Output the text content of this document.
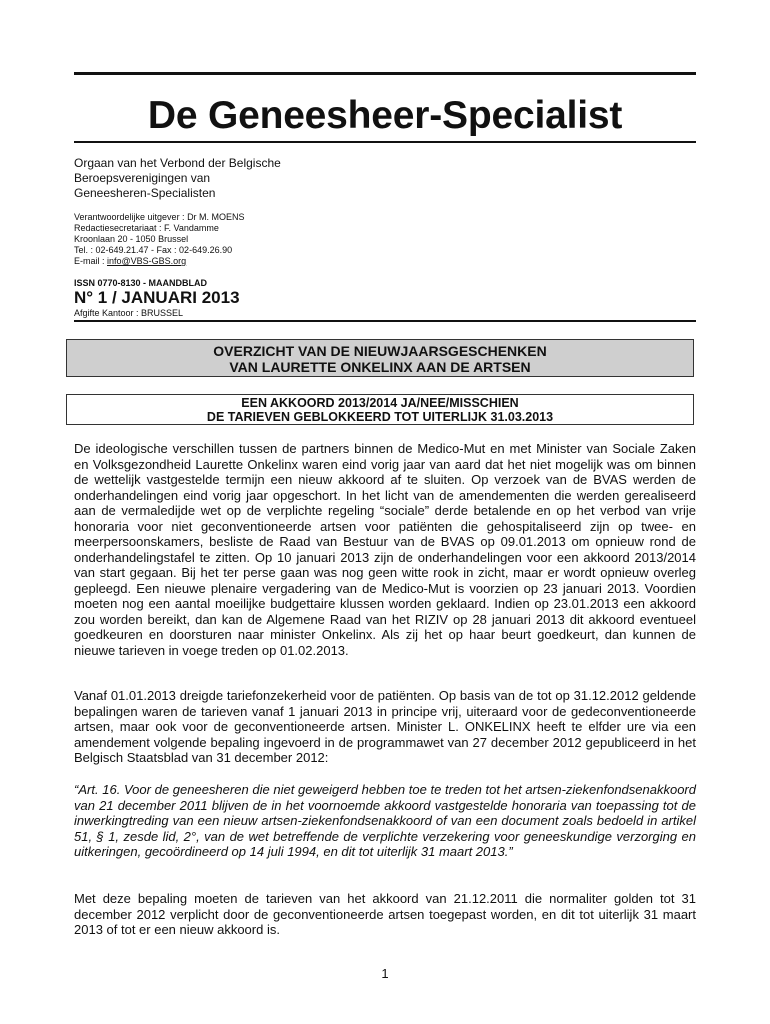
De Geneesheer-Specialist
Orgaan van het Verbond der Belgische
Beroepsverenigingen van
Geneesheren-Specialisten
Verantwoordelijke uitgever : Dr M. MOENS
Redactiesecretariaat : F. Vandamme
Kroonlaan 20 - 1050 Brussel
Tel. : 02-649.21.47 - Fax : 02-649.26.90
E-mail : info@VBS-GBS.org
ISSN 0770-8130 - MAANDBLAD
N° 1 / JANUARI 2013
Afgifte Kantoor : BRUSSEL
OVERZICHT VAN DE NIEUWJAARSGESCHENKEN
VAN LAURETTE ONKELINX AAN DE ARTSEN
EEN AKKOORD 2013/2014 JA/NEE/MISSCHIEN
DE TARIEVEN GEBLOKKEERD TOT UITERLIJK 31.03.2013
De ideologische verschillen tussen de partners binnen de Medico-Mut en met Minister van Sociale Zaken en Volksgezondheid Laurette Onkelinx waren eind vorig jaar van aard dat het niet mogelijk was om binnen de wettelijk vastgestelde termijn een nieuw akkoord af te sluiten. Op verzoek van de BVAS werden de onderhandelingen eind vorig jaar opgeschort. In het licht van de amendementen die werden gerealiseerd aan de vermaledijde wet op de verplichte regeling “sociale” derde betalende en op het verbod van vrije honoraria voor niet geconventioneerde artsen voor patiënten die gehospitaliseerd zijn op twee- en meerpersoonskamers, besliste de Raad van Bestuur van de BVAS op 09.01.2013 om opnieuw rond de onderhandelingstafel te zitten. Op 10 januari 2013 zijn de onderhandelingen voor een akkoord 2013/2014 van start gegaan. Bij het ter perse gaan was nog geen witte rook in zicht, maar er wordt opnieuw overleg gepleegd. Een nieuwe plenaire vergadering van de Medico-Mut is voorzien op 23 januari 2013. Voordien moeten nog een aantal moeilijke budgettaire klussen worden geklaard. Indien op 23.01.2013 een akkoord zou worden bereikt, dan kan de Algemene Raad van het RIZIV op 28 januari 2013 dit akkoord eventueel goedkeuren en doorsturen naar minister Onkelinx. Als zij het op haar beurt goedkeurt, dan kunnen de nieuwe tarieven in voege treden op 01.02.2013.
Vanaf 01.01.2013 dreigde tariefonzekerheid voor de patiënten. Op basis van de tot op 31.12.2012 geldende bepalingen waren de tarieven vanaf 1 januari 2013 in principe vrij, uiteraard voor de gedeconventioneerde artsen, maar ook voor de geconventioneerde artsen. Minister L. ONKELINX heeft te elfder ure via een amendement volgende bepaling ingevoerd in de programmawet van 27 december 2012 gepubliceerd in het Belgisch Staatsblad van 31 december 2012:
“Art. 16. Voor de geneesheren die niet geweigerd hebben toe te treden tot het artsen-ziekenfondsenakkoord van 21 december 2011 blijven de in het voornoemde akkoord vastgestelde honoraria van toepassing tot de inwerkingtreding van een nieuw artsen-ziekenfondsenakkoord of van een document zoals bedoeld in artikel 51, § 1, zesde lid, 2°, van de wet betreffende de verplichte verzekering voor geneeskundige verzorging en uitkeringen, gecoördineerd op 14 juli 1994, en dit tot uiterlijk 31 maart 2013.”
Met deze bepaling moeten de tarieven van het akkoord van 21.12.2011 die normaliter golden tot 31 december 2012 verplicht door de geconventioneerde artsen toegepast worden, en dit tot uiterlijk 31 maart 2013 of tot er een nieuw akkoord is.
1
